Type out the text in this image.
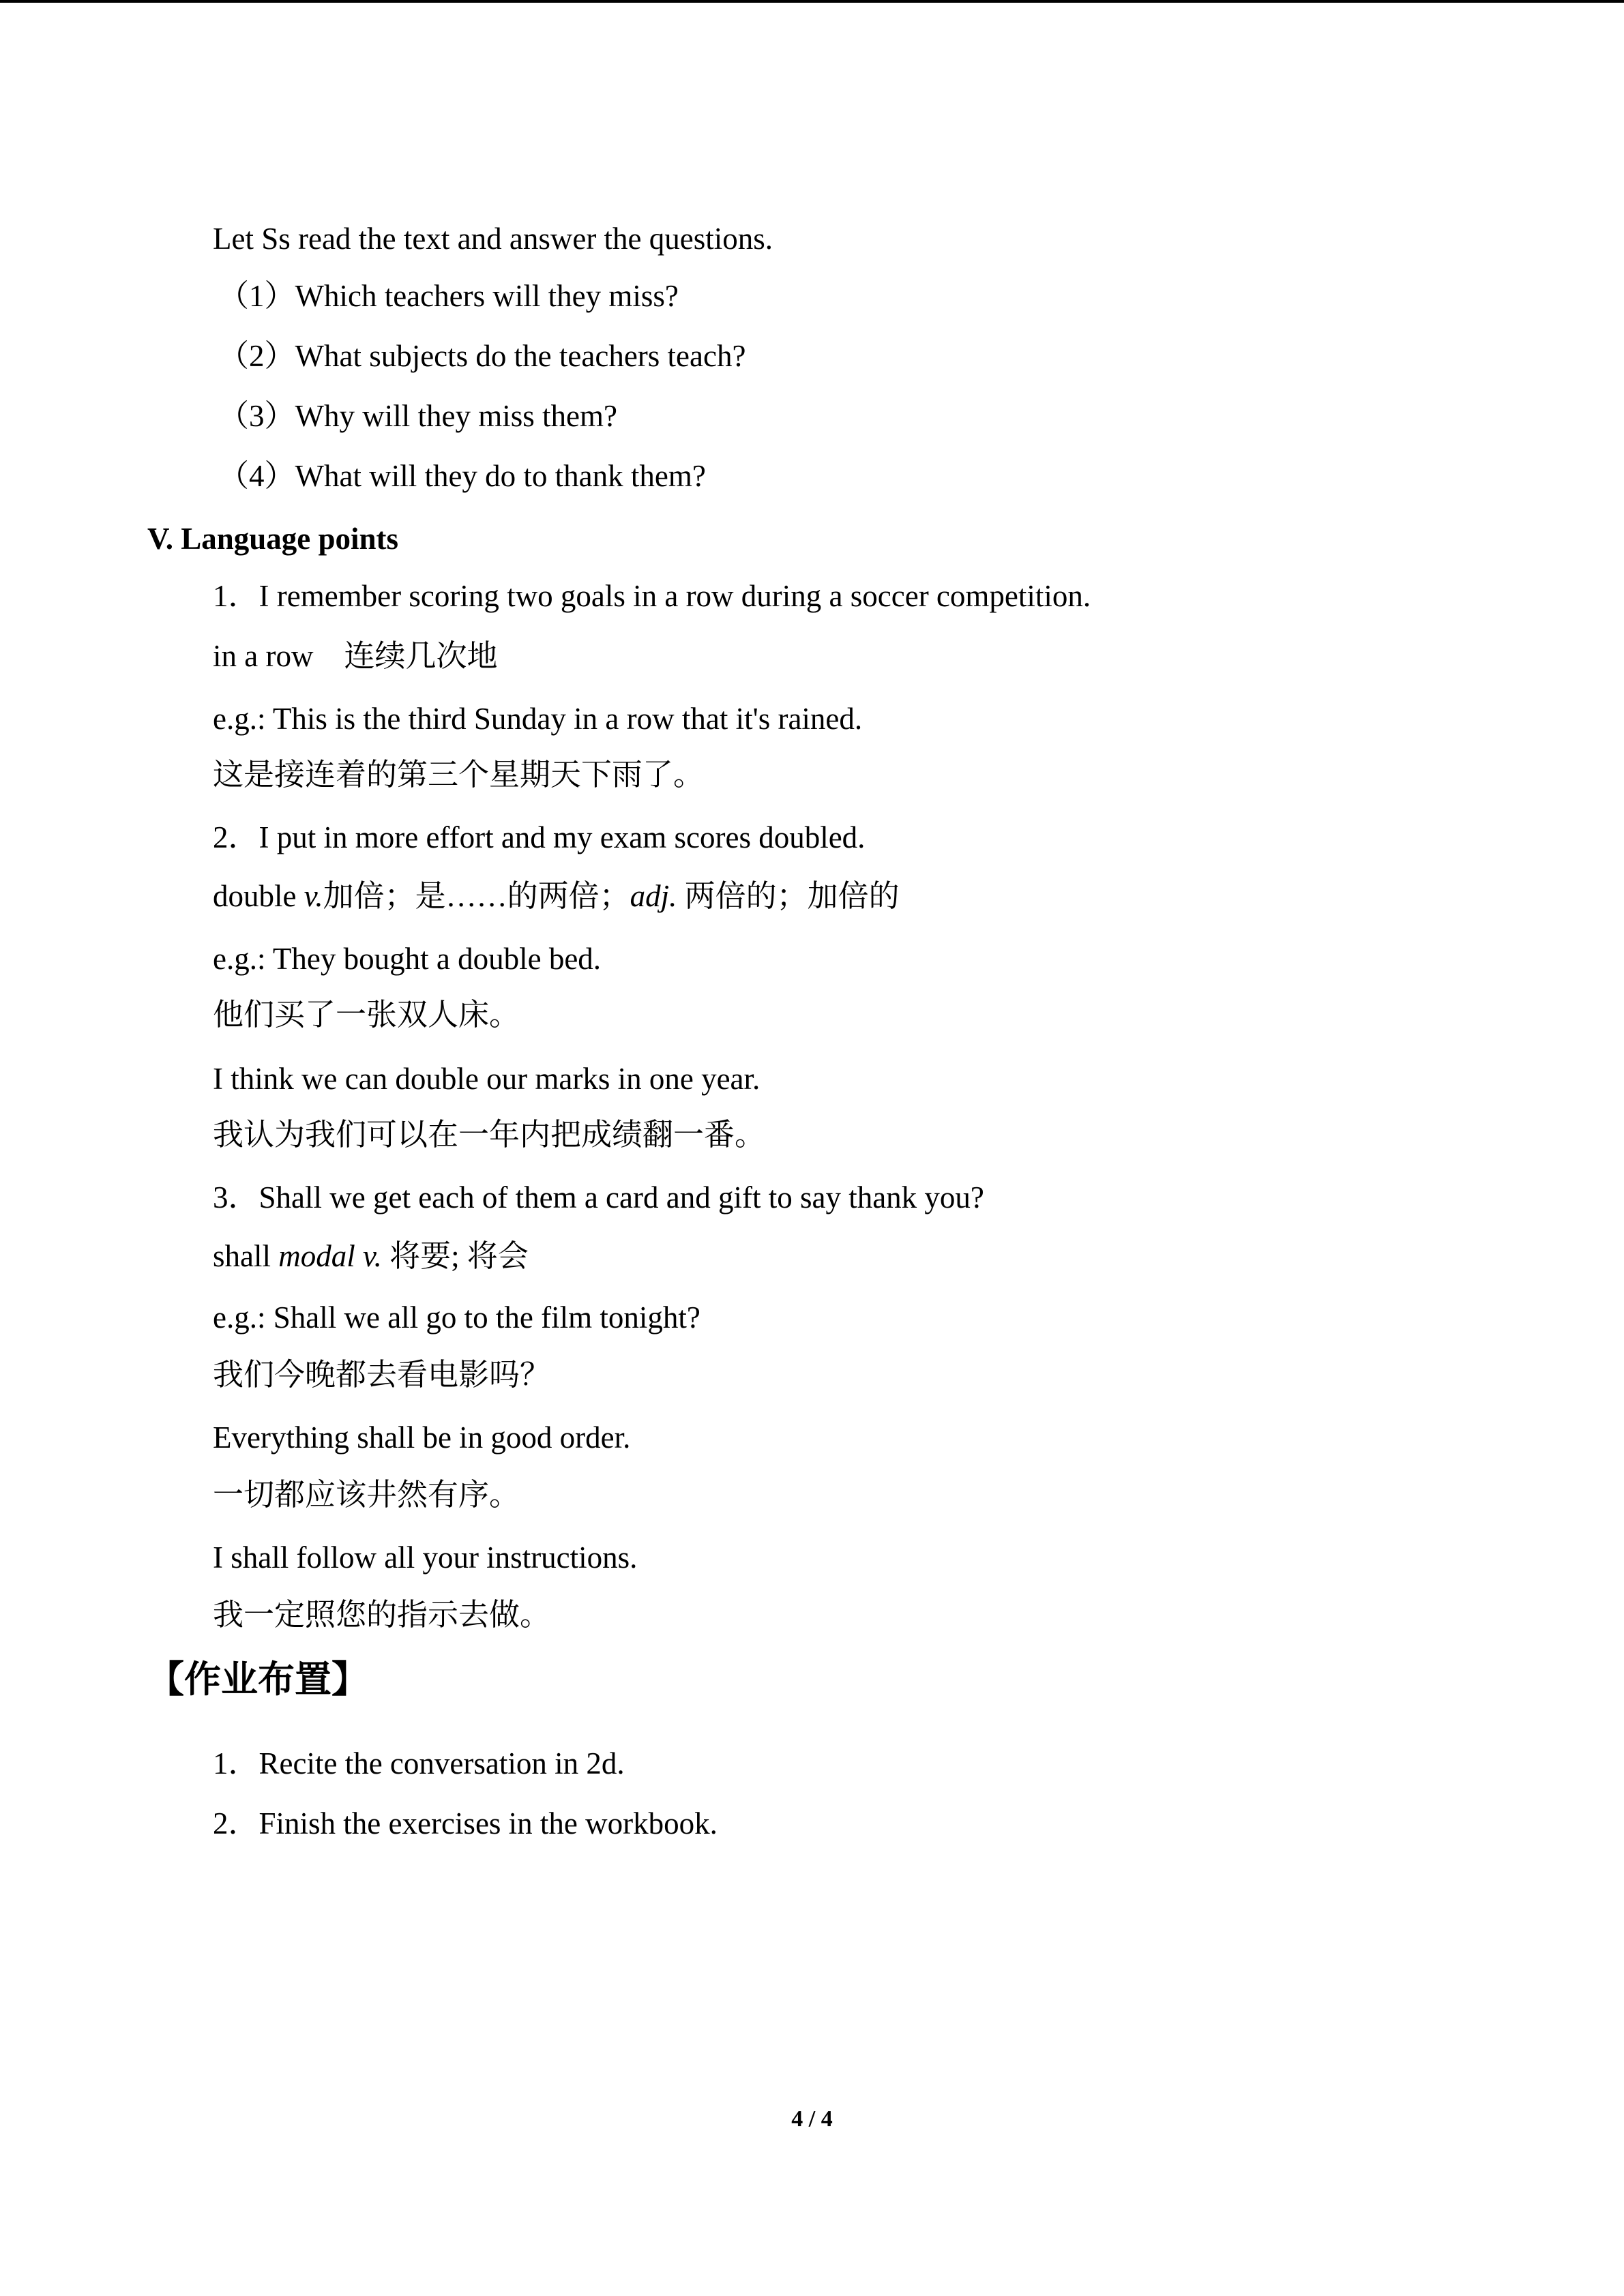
Let Ss read the text and answer the questions.
（1）Which teachers will they miss?
（2）What subjects do the teachers teach?
（3）Why will they miss them?
（4）What will they do to thank them?
V. Language points
1．I remember scoring two goals in a row during a soccer competition.
in a row　连续几次地
e.g.: This is the third Sunday in a row that it's rained.
这是接连着的第三个星期天下雨了。
2．I put in more effort and my exam scores doubled.
double v.加倍；是……的两倍；adj. 两倍的；加倍的
e.g.: They bought a double bed.
他们买了一张双人床。
I think we can double our marks in one year.
我认为我们可以在一年内把成绩翻一番。
3．Shall we get each of them a card and gift to say thank you?
shall modal v. 将要; 将会
e.g.: Shall we all go to the film tonight?
我们今晚都去看电影吗？
Everything shall be in good order.
一切都应该井然有序。
I shall follow all your instructions.
我一定照您的指示去做。
【作业布置】
1．Recite the conversation in 2d.
2．Finish the exercises in the workbook.
4 / 4
